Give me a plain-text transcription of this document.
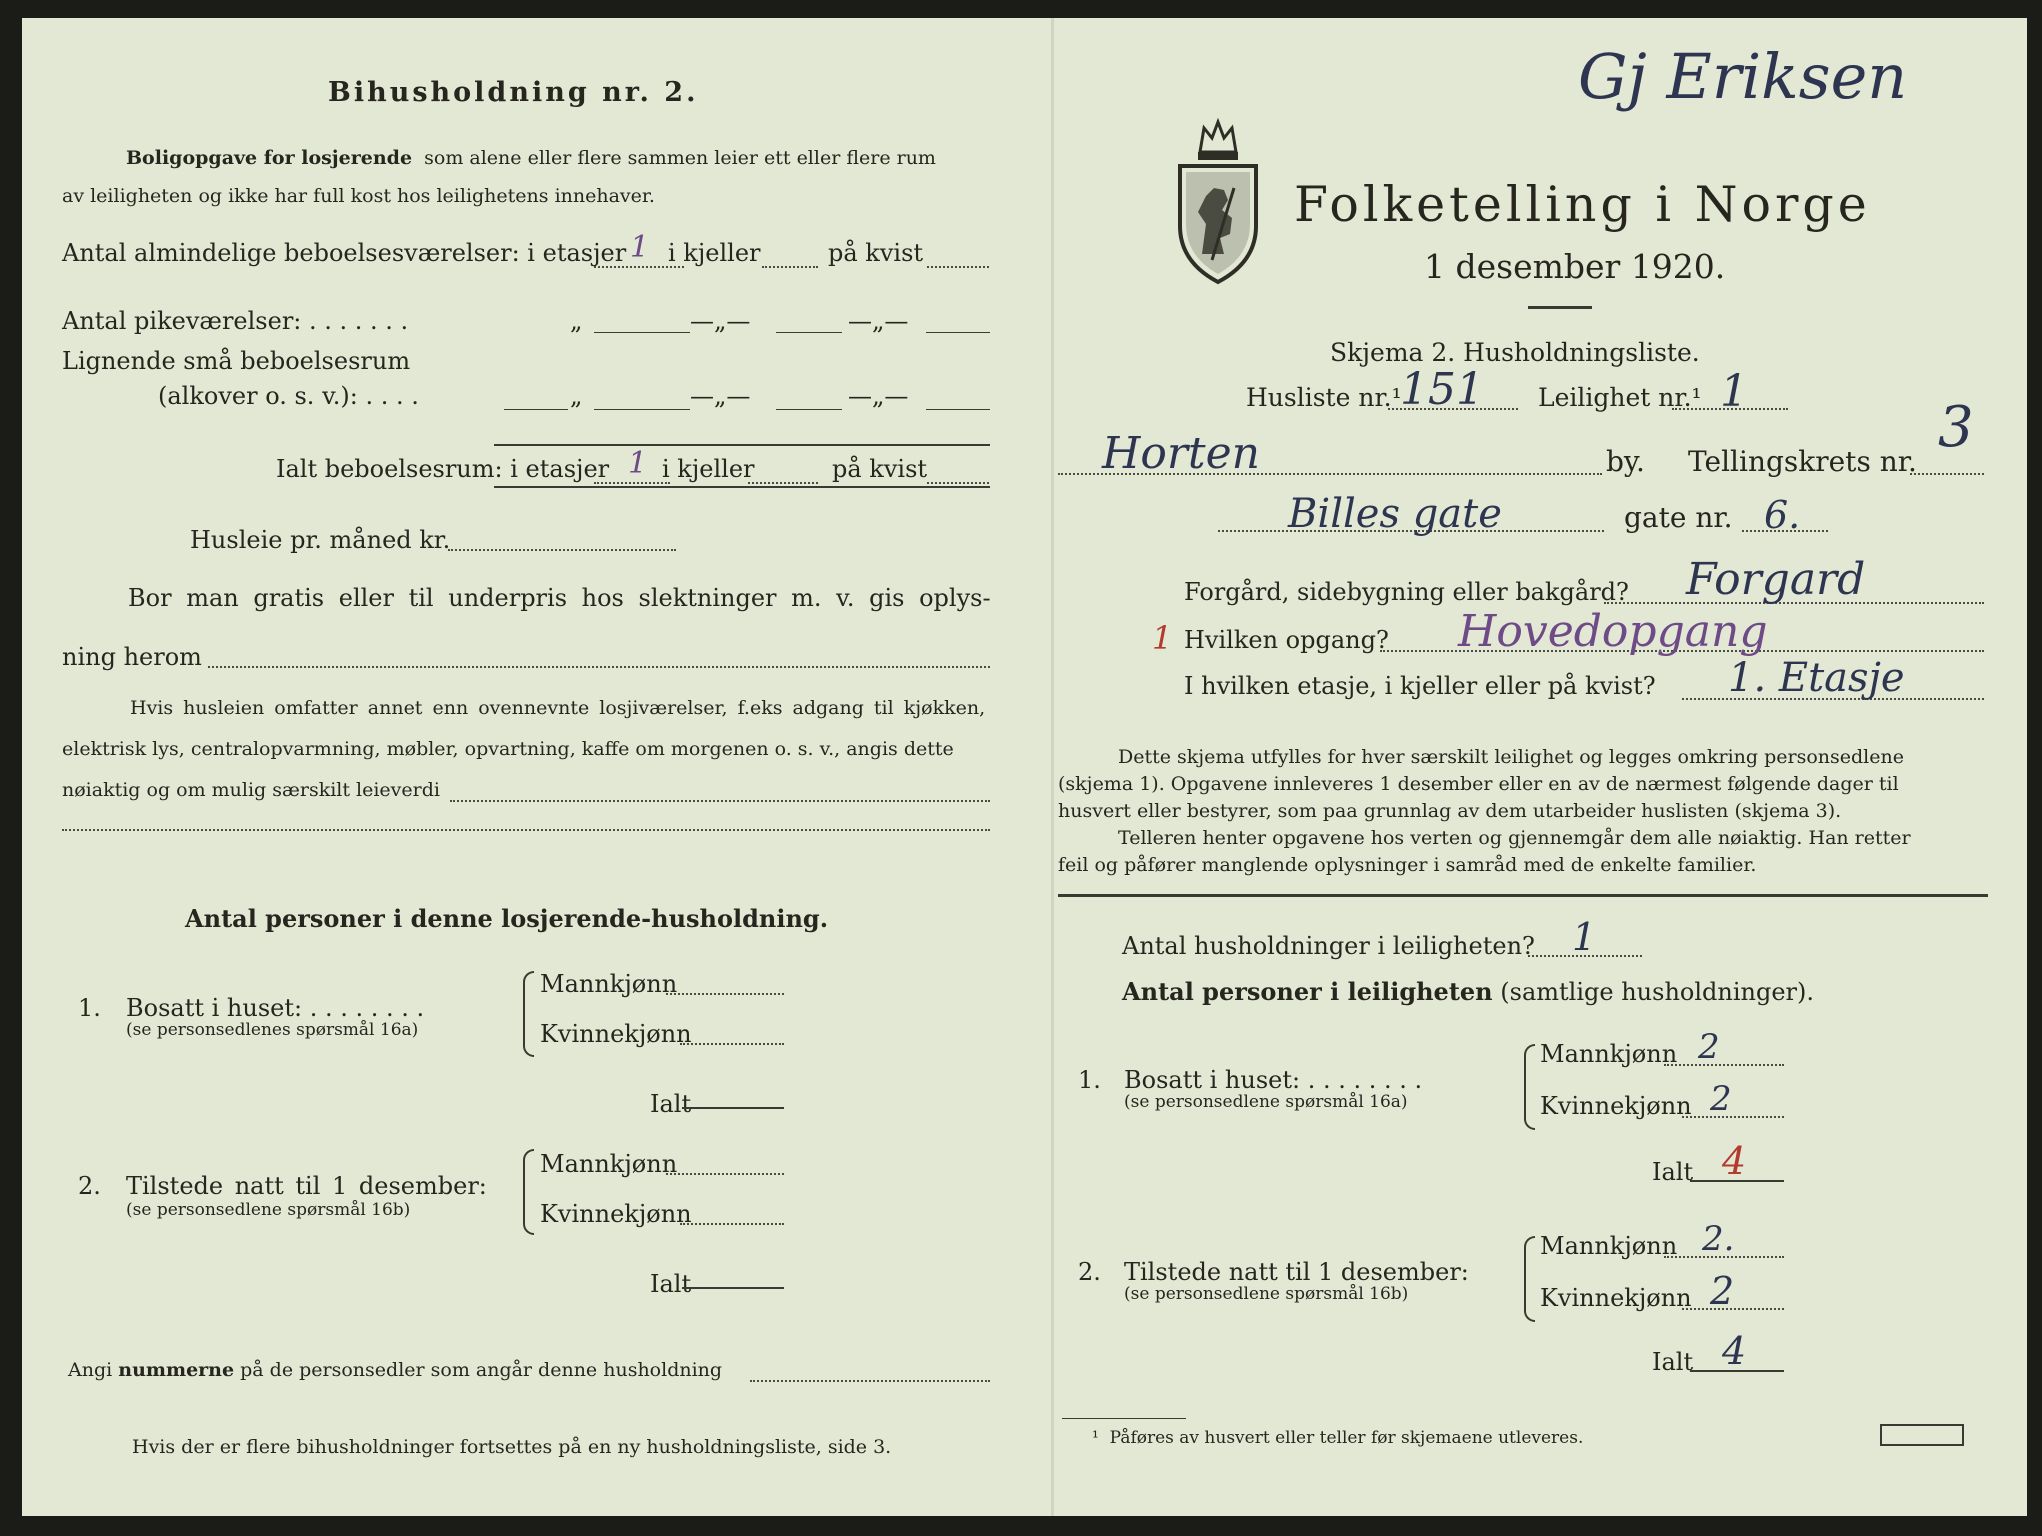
Bihusholdning nr. 2.
Boligopgave for losjerende som alene eller flere sammen leier ett eller flere rum
av leiligheten og ikke har full kost hos leilighetens innehaver.
Antal almindelige beboelsesværelser: i etasjer 1 i kjeller	på kvist
Antal pikeværelser: . . . . . . .	„	—„—	—„—
Lignende små beboelsesrum
(alkover o. s. v.): . . . .	„	—„—	—„—
Ialt beboelsesrum: i etasjer 1 i kjeller	på kvist
Husleie pr. måned kr.
Bor man gratis eller til underpris hos slektninger m. v. gis oplys-
ning herom
Hvis husleien omfatter annet enn ovennevnte losjiværelser, f.eks adgang til kjøkken,
elektrisk lys, centralopvarmning, møbler, opvartning, kaffe om morgenen o. s. v., angis dette
nøiaktig og om mulig særskilt leieverdi
Antal personer i denne losjerende-husholdning.
1. Bosatt i huset: . . . . . . . .
(se personsedlenes spørsmål 16a)
Mannkjønn
Kvinnekjønn
Ialt
2. Tilstede natt til 1 desember:
(se personsedlene spørsmål 16b)
Mannkjønn
Kvinnekjønn
Ialt
Angi nummerne på de personsedler som angår denne husholdning
Hvis der er flere bihusholdninger fortsettes på en ny husholdningsliste, side 3.
Gj Eriksen
Folketelling i Norge
1 desember 1920.
Skjema 2. Husholdningsliste.
Husliste nr.¹
151 Leilighet nr.¹ 1
Horten	by. Tellingskrets nr.
3
Billes gate	gate nr. 6.
Forgård, sidebygning eller bakgård? Forgard
1 Hvilken opgang? Hovedopgang
I hvilken etasje, i kjeller eller på kvist? 1. Etasje
Dette skjema utfylles for hver særskilt leilighet og legges omkring personsedlene
(skjema 1). Opgavene innleveres 1 desember eller en av de nærmest følgende dager til
husvert eller bestyrer, som paa grunnlag av dem utarbeider huslisten (skjema 3).
Telleren henter opgavene hos verten og gjennemgår dem alle nøiaktig. Han retter
feil og påfører manglende oplysninger i samråd med de enkelte familier.
Antal husholdninger i leiligheten? 1
Antal personer i leiligheten (samtlige husholdninger).
1. Bosatt i huset: . . . . . . . .
(se personsedlene spørsmål 16a)
Mannkjønn 2
Kvinnekjønn 2
Ialt 4
2. Tilstede natt til 1 desember:
(se personsedlene spørsmål 16b)
Mannkjønn 2.
Kvinnekjønn 2
Ialt 4
¹ Påføres av husvert eller teller før skjemaene utleveres.
